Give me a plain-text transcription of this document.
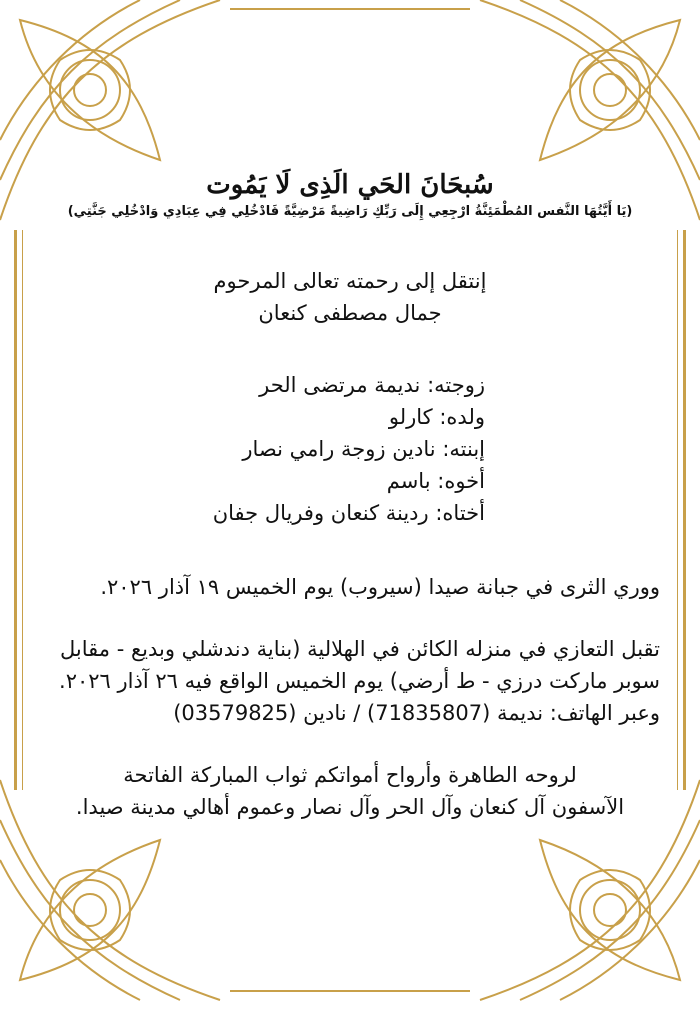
سُبحَانَ الحَي الَذِى لَا يَمُوت

(يَا أَيَّتُهَا النَّفس المُطْمَئِنَّةُ ارْجِعِي إِلَى رَبِّكِ رَاضِيةً مَرْضِيَّةً فَادْخُلِي فِي عِبَادِي وَادْخُلِي جَنَّتِي)

إنتقل إلى رحمته تعالى المرحوم
جمال مصطفى كنعان
زوجته: نديمة مرتضى الحر
ولده: كارلو
إبنته: نادين زوجة رامي نصار
أخوه: باسم
أختاه: ردينة كنعان وفريال جفان
ووري الثرى في جبانة صيدا (سيروب) يوم الخميس ١٩ آذار ٢٠٢٦.
تقبل التعازي في منزله الكائن في الهلالية (بناية دندشلي وبديع - مقابل
سوبر ماركت درزي - ط أرضي) يوم الخميس الواقع فيه ٢٦ آذار ٢٠٢٦.
وعبر الهاتف: نديمة (71835807) / نادين (03579825)
لروحه الطاهرة وأرواح أمواتكم ثواب المباركة الفاتحة
الآسفون آل كنعان وآل الحر وآل نصار وعموم أهالي مدينة صيدا.
